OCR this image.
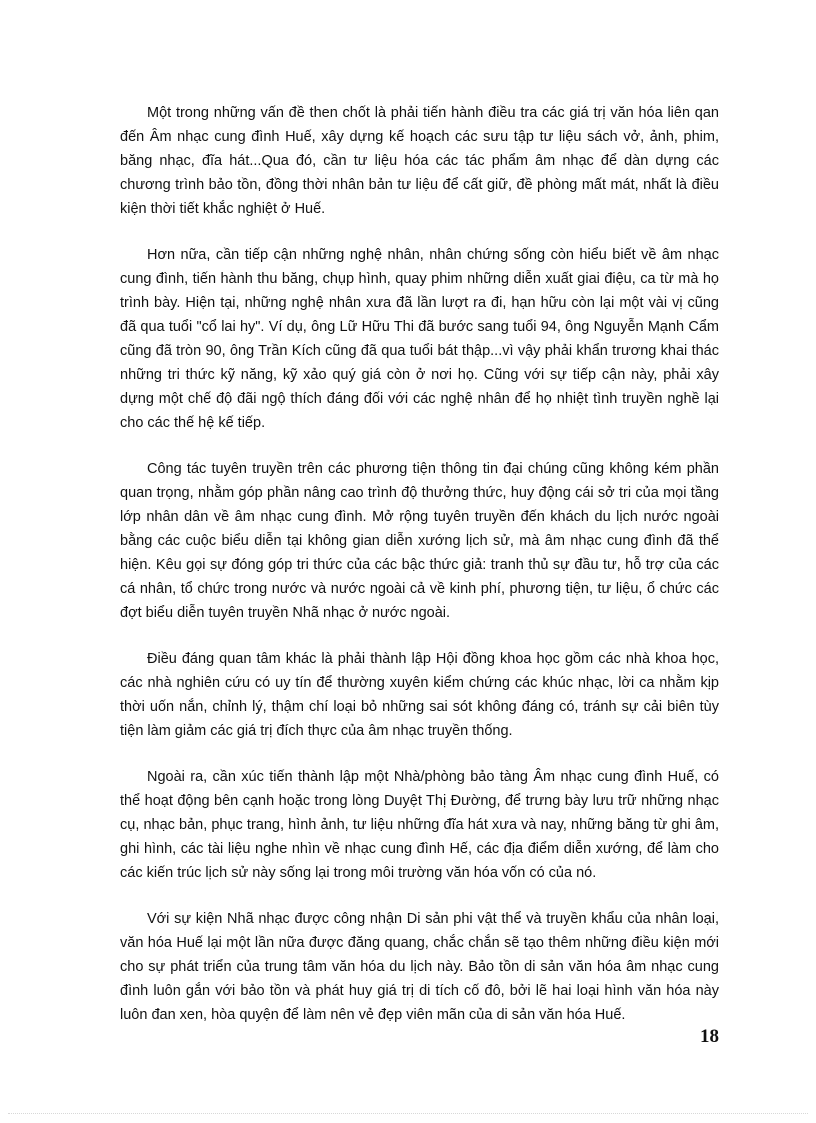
Một trong những vấn đề then chốt là phải tiến hành điều tra các giá trị văn hóa liên qan đến Âm nhạc cung đình Huế, xây dựng kế hoạch các sưu tập tư liệu sách vở, ảnh, phim, băng nhạc, đĩa hát...Qua đó, cần tư liệu hóa các tác phẩm âm nhạc để dàn dựng các chương trình bảo tồn, đồng thời nhân bản tư liệu để cất giữ, đề phòng mất mát, nhất là điều kiện thời tiết khắc nghiệt ở Huế.

Hơn nữa, cần tiếp cận những nghệ nhân, nhân chứng sống còn hiểu biết về âm nhạc cung đình, tiến hành thu băng, chụp hình, quay phim những diễn xuất giai điệu, ca từ mà họ trình bày. Hiện tại, những nghệ nhân xưa đã lần lượt ra đi, hạn hữu còn lại một vài vị cũng đã qua tuổi "cổ lai hy". Ví dụ, ông Lữ Hữu Thi đã bước sang tuổi 94, ông Nguyễn Mạnh Cẩm cũng đã tròn 90, ông Trần Kích cũng đã qua tuổi bát thập...vì vậy phải khẩn trương khai thác những tri thức kỹ năng, kỹ xảo quý giá còn ở nơi họ. Cũng với sự tiếp cận này, phải xây dựng một chế độ đãi ngộ thích đáng đối với các nghệ nhân để họ nhiệt tình truyền nghề lại cho các thế hệ kế tiếp.

Công tác tuyên truyền trên các phương tiện thông tin đại chúng cũng không kém phần quan trọng, nhằm góp phần nâng cao trình độ thưởng thức, huy động cái sở tri của mọi tầng lớp nhân dân về âm nhạc cung đình. Mở rộng tuyên truyền đến khách du lịch nước ngoài bằng các cuộc biểu diễn tại không gian diễn xướng lịch sử, mà âm nhạc cung đình đã thể hiện. Kêu gọi sự đóng góp tri thức của các bậc thức giả: tranh thủ sự đầu tư, hỗ trợ của các cá nhân, tổ chức trong nước và nước ngoài cả về kinh phí, phương tiện, tư liệu, ổ chức các đợt biểu diễn tuyên truyền Nhã nhạc ở nước ngoài.

Điều đáng quan tâm khác là phải thành lập Hội đồng khoa học gồm các nhà khoa học, các nhà nghiên cứu có uy tín để thường xuyên kiểm chứng các khúc nhạc, lời ca nhằm kịp thời uốn nắn, chỉnh lý, thậm chí loại bỏ những sai sót không đáng có, tránh sự cải biên tùy tiện làm giảm các giá trị đích thực của âm nhạc truyền thống.

Ngoài ra, cần xúc tiến thành lập một Nhà/phòng bảo tàng Âm nhạc cung đình Huế, có thể hoạt động bên cạnh hoặc trong lòng Duyệt Thị Đường, để trưng bày lưu trữ những nhạc cụ, nhạc bản, phục trang, hình ảnh, tư liệu những đĩa hát xưa và nay, những băng từ ghi âm, ghi hình, các tài liệu nghe nhìn về nhạc cung đình Hế, các địa điểm diễn xướng, để làm cho các kiến trúc lịch sử này sống lại trong môi trường văn hóa vốn có của nó.

Với sự kiện Nhã nhạc được công nhận Di sản phi vật thể và truyền khẩu của nhân loại, văn hóa Huế lại một lần nữa được đăng quang, chắc chắn sẽ tạo thêm những điều kiện mới cho sự phát triển của trung tâm văn hóa du lịch này. Bảo tồn di sản văn hóa âm nhạc cung đình luôn gắn với bảo tồn và phát huy giá trị di tích cố đô, bởi lẽ hai loại hình văn hóa này luôn đan xen, hòa quyện để làm nên vẻ đẹp viên mãn của di sản văn hóa Huế.

18
